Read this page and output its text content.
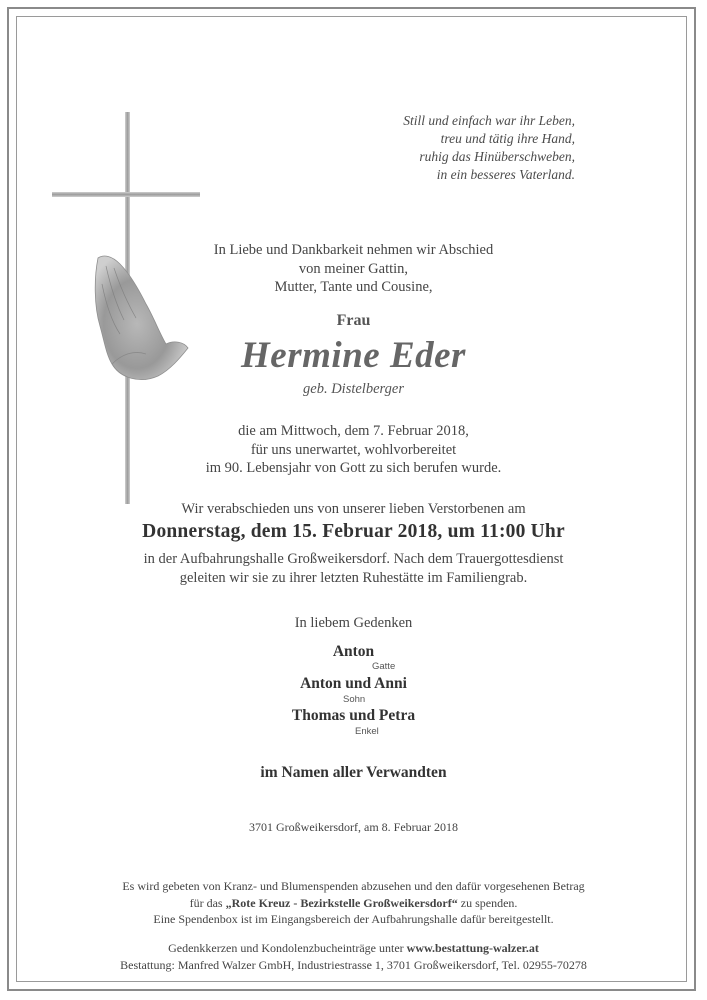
Still und einfach war ihr Leben,
treu und tätig ihre Hand,
ruhig das Hinüberschweben,
in ein besseres Vaterland.
In Liebe und Dankbarkeit nehmen wir Abschied
von meiner Gattin,
Mutter, Tante und Cousine,
Frau
Hermine Eder
geb. Distelberger
die am Mittwoch, dem 7. Februar 2018,
für uns unerwartet, wohlvorbereitet
im 90. Lebensjahr von Gott zu sich berufen wurde.
Wir verabschieden uns von unserer lieben Verstorbenen am
Donnerstag, dem 15. Februar 2018, um 11:00 Uhr
in der Aufbahrungshalle Großweikersdorf. Nach dem Trauergottesdienst
geleiten wir sie zu ihrer letzten Ruhestätte im Familiengrab.
In liebem Gedenken
Anton
Gatte
Anton und Anni
Sohn
Thomas und Petra
Enkel
im Namen aller Verwandten
3701 Großweikersdorf, am 8. Februar 2018
Es wird gebeten von Kranz- und Blumenspenden abzusehen und den dafür vorgesehenen Betrag
für das „Rote Kreuz - Bezirkstelle Großweikersdorf“ zu spenden.
Eine Spendenbox ist im Eingangsbereich der Aufbahrungshalle dafür bereitgestellt.
Gedenkkerzen und Kondolenzbucheinträge unter www.bestattung-walzer.at
Bestattung: Manfred Walzer GmbH, Industriestrasse 1, 3701 Großweikersdorf, Tel. 02955-70278
